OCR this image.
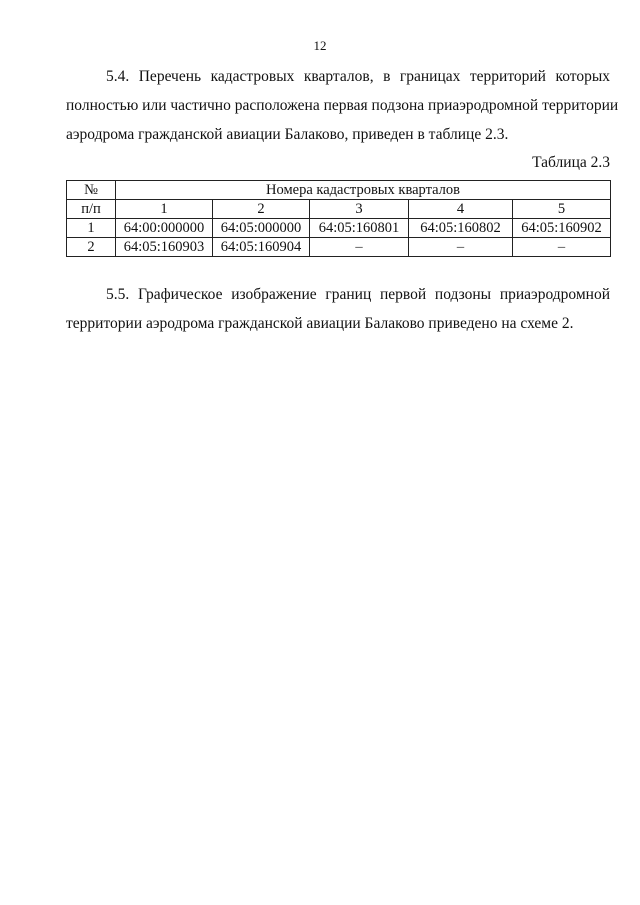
12
5.4. Перечень кадастровых кварталов, в границах территорий которых
полностью или частично расположена первая подзона приаэродромной территории
аэродрома гражданской авиации Балаково, приведен в таблице 2.3.
Таблица 2.3
№	Номера кадастровых кварталов				
п/п	1	2	3	4	5
1	64:00:000000	64:05:000000	64:05:160801	64:05:160802	64:05:160902
2	64:05:160903	64:05:160904	–	–	–
5.5. Графическое изображение границ первой подзоны приаэродромной
территории аэродрома гражданской авиации Балаково приведено на схеме 2.
